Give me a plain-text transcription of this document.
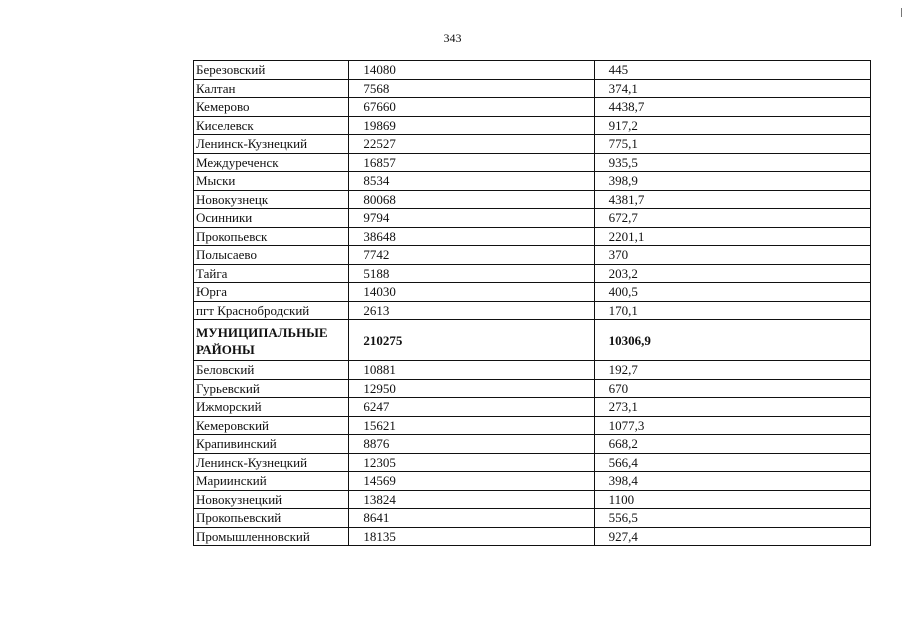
343
Березовский	14080	445
Калтан	7568	374,1
Кемерово	67660	4438,7
Киселевск	19869	917,2
Ленинск-Кузнецкий	22527	775,1
Междуреченск	16857	935,5
Мыски	8534	398,9
Новокузнецк	80068	4381,7
Осинники	9794	672,7
Прокопьевск	38648	2201,1
Полысаево	7742	370
Тайга	5188	203,2
Юрга	14030	400,5
пгт Краснобродский	2613	170,1
МУНИЦИПАЛЬНЫЕ РАЙОНЫ	210275	10306,9
Беловский	10881	192,7
Гурьевский	12950	670
Ижморский	6247	273,1
Кемеровский	15621	1077,3
Крапивинский	8876	668,2
Ленинск-Кузнецкий	12305	566,4
Мариинский	14569	398,4
Новокузнецкий	13824	1100
Прокопьевский	8641	556,5
Промышленновский	18135	927,4
